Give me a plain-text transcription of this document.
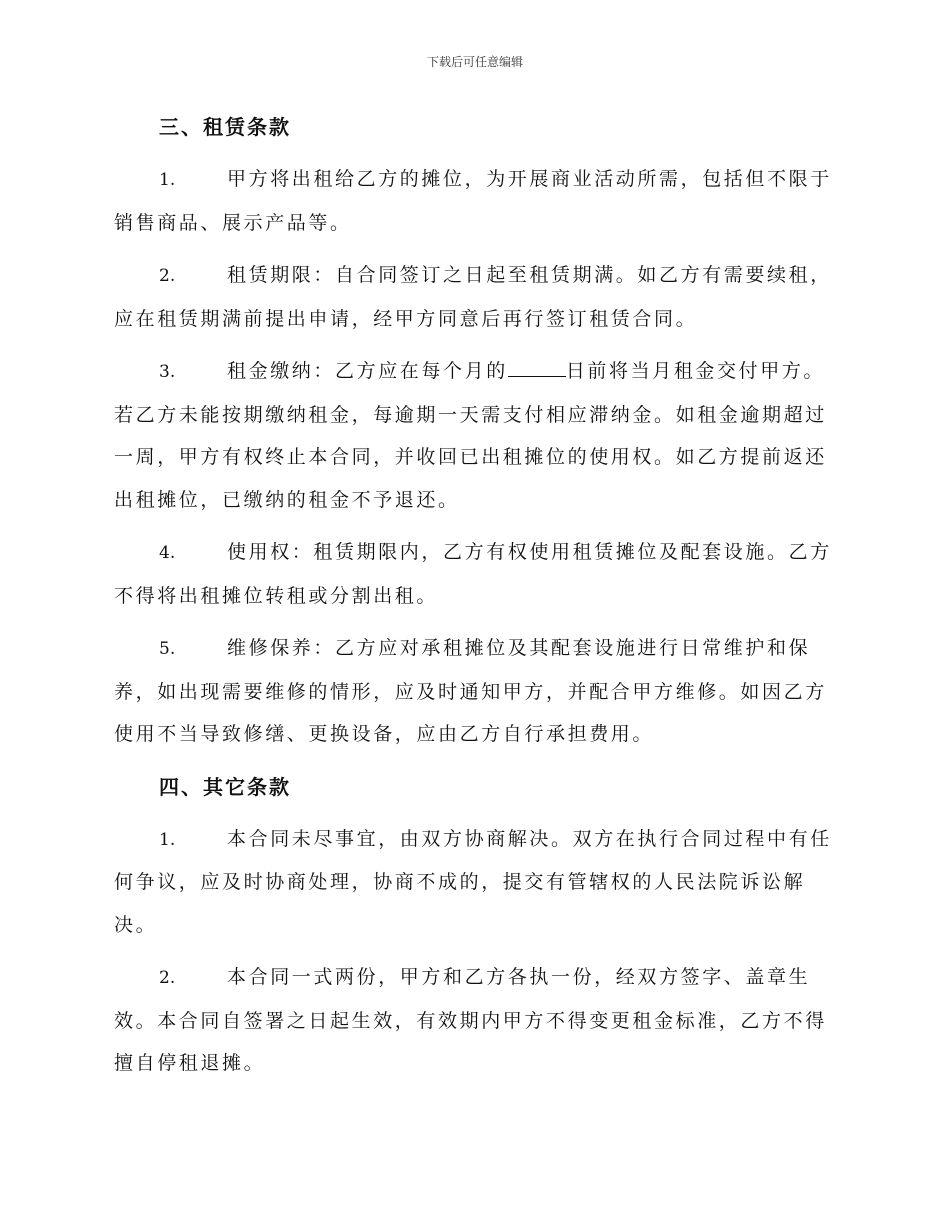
下载后可任意编辑
三、租赁条款

1.	甲方将出租给乙方的摊位，为开展商业活动所需，包括但不限于销售商品、展示产品等。

2.	租赁期限：自合同签订之日起至租赁期满。如乙方有需要续租，应在租赁期满前提出申请，经甲方同意后再行签订租赁合同。

3.	租金缴纳：乙方应在每个月的	日前将当月租金交付甲方。若乙方未能按期缴纳租金，每逾期一天需支付相应滞纳金。如租金逾期超过一周，甲方有权终止本合同，并收回已出租摊位的使用权。如乙方提前返还出租摊位，已缴纳的租金不予退还。

4.	使用权：租赁期限内，乙方有权使用租赁摊位及配套设施。乙方不得将出租摊位转租或分割出租。

5.	维修保养：乙方应对承租摊位及其配套设施进行日常维护和保养，如出现需要维修的情形，应及时通知甲方，并配合甲方维修。如因乙方使用不当导致修缮、更换设备，应由乙方自行承担费用。

四、其它条款

1.	本合同未尽事宜，由双方协商解决。双方在执行合同过程中有任何争议，应及时协商处理，协商不成的，提交有管辖权的人民法院诉讼解决。

2.	本合同一式两份，甲方和乙方各执一份，经双方签字、盖章生效。本合同自签署之日起生效，有效期内甲方不得变更租金标准，乙方不得擅自停租退摊。
